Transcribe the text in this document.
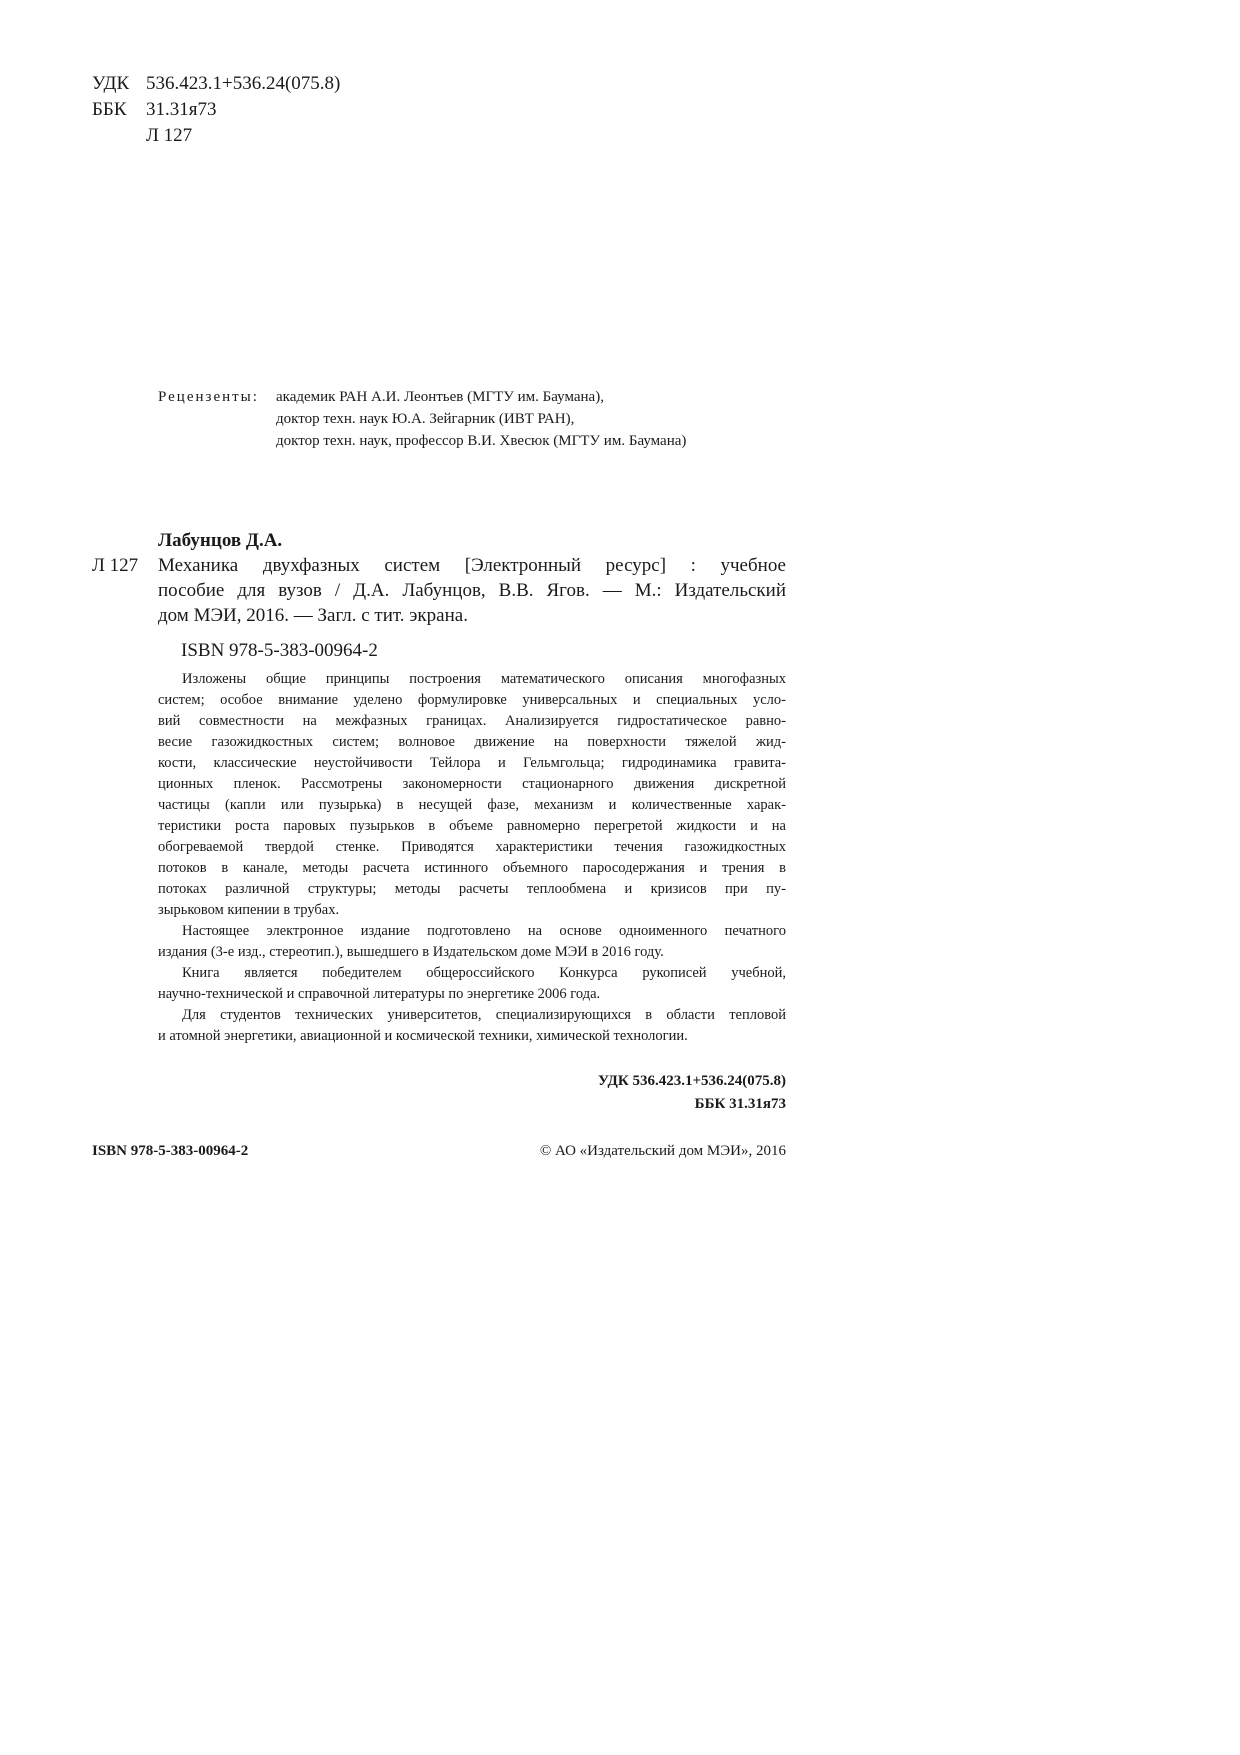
УДК 536.423.1+536.24(075.8)
ББК 31.31я73
Л 127
Рецензенты: академик РАН А.И. Леонтьев (МГТУ им. Баумана),
доктор техн. наук Ю.А. Зейгарник (ИВТ РАН),
доктор техн. наук, профессор В.И. Хвесюк (МГТУ им. Баумана)
Лабунцов Д.А.
Л 127 Механика двухфазных систем [Электронный ресурс] : учебное
пособие для вузов / Д.А. Лабунцов, В.В. Ягов. — М.: Издательский
дом МЭИ, 2016. — Загл. с тит. экрана.
ISBN 978-5-383-00964-2
Изложены общие принципы построения математического описания многофазных
систем; особое внимание уделено формулировке универсальных и специальных усло-
вий совместности на межфазных границах. Анализируется гидростатическое равно-
весие газожидкостных систем; волновое движение на поверхности тяжелой жид-
кости, классические неустойчивости Тейлора и Гельмгольца; гидродинамика гравита-
ционных пленок. Рассмотрены закономерности стационарного движения дискретной
частицы (капли или пузырька) в несущей фазе, механизм и количественные харак-
теристики роста паровых пузырьков в объеме равномерно перегретой жидкости и на
обогреваемой твердой стенке. Приводятся характеристики течения газожидкостных
потоков в канале, методы расчета истинного объемного паросодержания и трения в
потоках различной структуры; методы расчеты теплообмена и кризисов при пу-
зырьковом кипении в трубах.
Настоящее электронное издание подготовлено на основе одноименного печатного
издания (3-е изд., стереотип.), вышедшего в Издательском доме МЭИ в 2016 году.
Книга является победителем общероссийского Конкурса рукописей учебной,
научно-технической и справочной литературы по энергетике 2006 года.
Для студентов технических университетов, специализирующихся в области тепловой
и атомной энергетики, авиационной и космической техники, химической технологии.
УДК 536.423.1+536.24(075.8)
ББК 31.31я73
ISBN 978-5-383-00964-2	© АО «Издательский дом МЭИ», 2016
